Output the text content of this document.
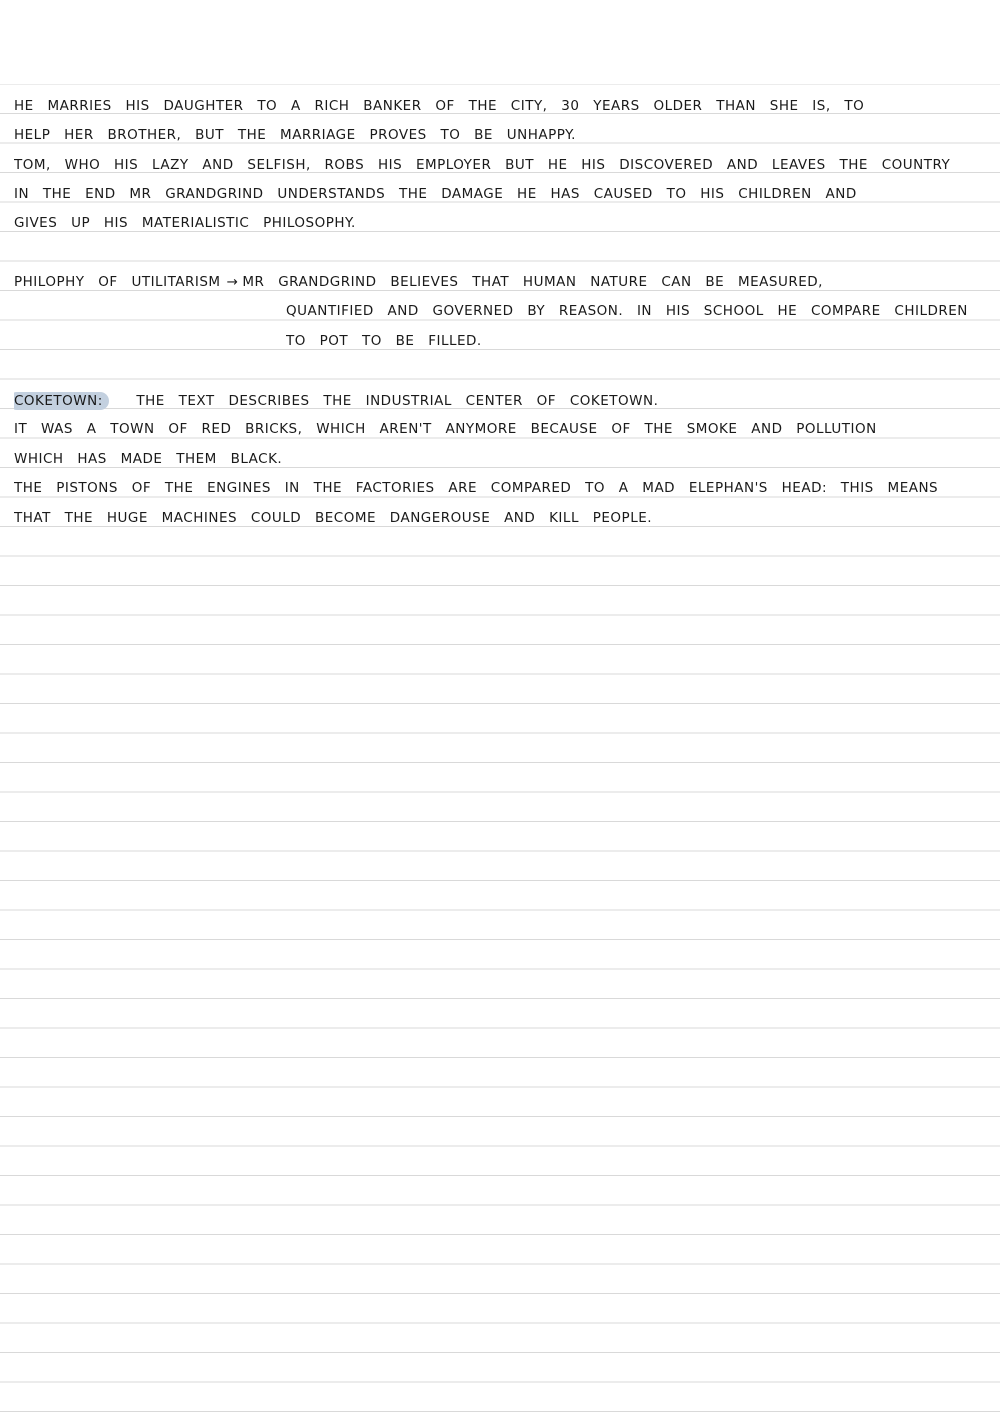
HE MARRIES HIS DAUGHTER TO A RICH BANKER OF THE CITY, 30 YEARS OLDER THAN SHE IS, TO
HELP HER BROTHER, BUT THE MARRIAGE PROVES TO BE UNHAPPY.
TOM, WHO HIS LAZY AND SELFISH, ROBS HIS EMPLOYER BUT HE HIS DISCOVERED AND LEAVES THE COUNTRY
IN THE END MR GRANDGRIND UNDERSTANDS THE DAMAGE HE HAS CAUSED TO HIS CHILDREN AND
GIVES UP HIS MATERIALISTIC PHILOSOPHY.
PHILOPHY OF UTILITARISM → MR GRANDGRIND BELIEVES THAT HUMAN NATURE CAN BE MEASURED,
QUANTIFIED AND GOVERNED BY REASON. IN HIS SCHOOL HE COMPARE CHILDREN
TO POT TO BE FILLED.
COKETOWN: THE TEXT DESCRIBES THE INDUSTRIAL CENTER OF COKETOWN.
IT WAS A TOWN OF RED BRICKS, WHICH AREN'T ANYMORE BECAUSE OF THE SMOKE AND POLLUTION
WHICH HAS MADE THEM BLACK.
THE PISTONS OF THE ENGINES IN THE FACTORIES ARE COMPARED TO A MAD ELEPHAN'S HEAD: THIS MEANS
THAT THE HUGE MACHINES COULD BECOME DANGEROUSE AND KILL PEOPLE.
